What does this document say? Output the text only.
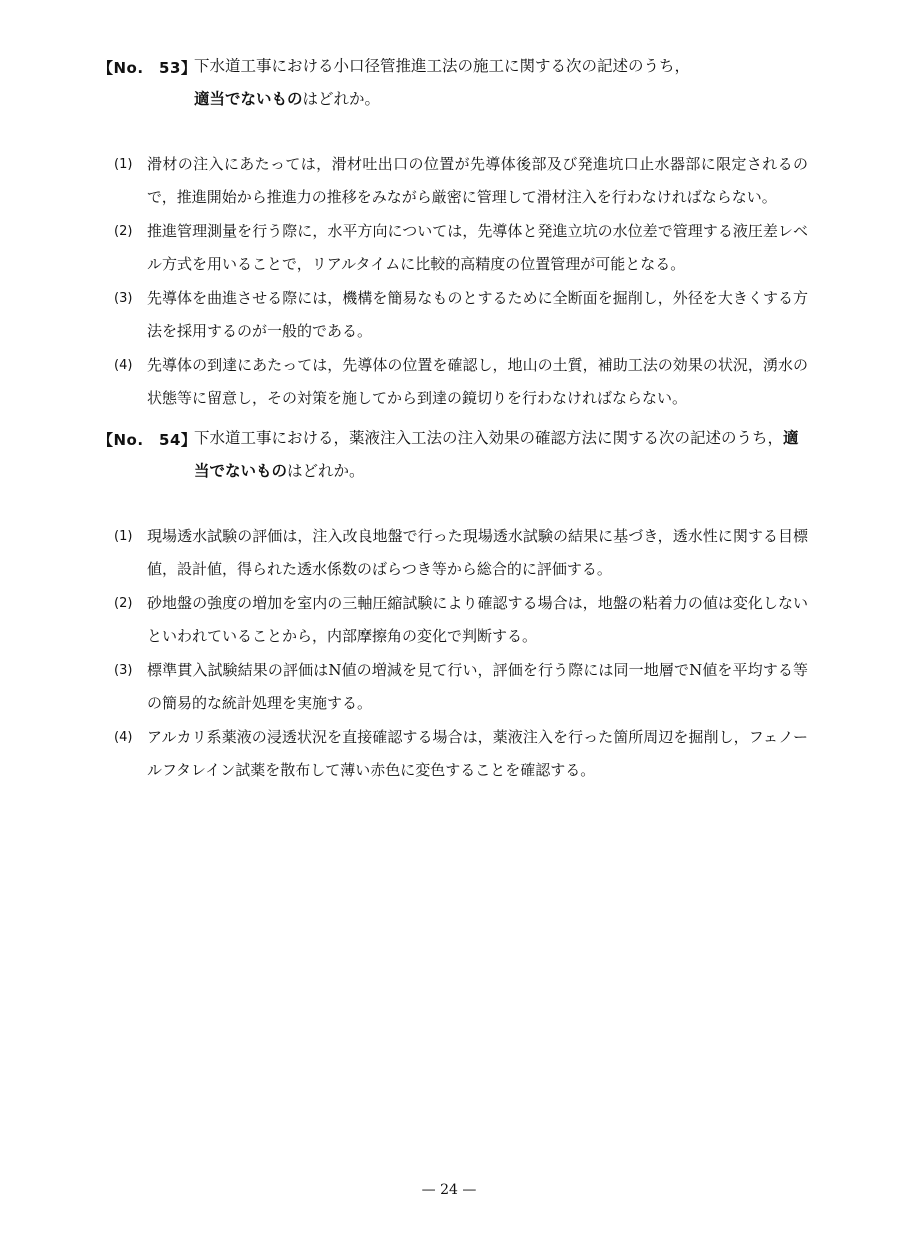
【No.　53】
下水道工事における小口径管推進工法の施工に関する次の記述のうち，
適当でないものはどれか。
(1) 滑材の注入にあたっては，滑材吐出口の位置が先導体後部及び発進坑口止水器部に限定されるので，推進開始から推進力の推移をみながら厳密に管理して滑材注入を行わなければならない。
(2) 推進管理測量を行う際に，水平方向については，先導体と発進立坑の水位差で管理する液圧差レベル方式を用いることで，リアルタイムに比較的高精度の位置管理が可能となる。
(3) 先導体を曲進させる際には，機構を簡易なものとするために全断面を掘削し，外径を大きくする方法を採用するのが一般的である。
(4) 先導体の到達にあたっては，先導体の位置を確認し，地山の土質，補助工法の効果の状況，湧水の状態等に留意し，その対策を施してから到達の鏡切りを行わなければならない。
【No.　54】
下水道工事における，薬液注入工法の注入効果の確認方法に関する次の記述のうち，適当でないものはどれか。
(1) 現場透水試験の評価は，注入改良地盤で行った現場透水試験の結果に基づき，透水性に関する目標値，設計値，得られた透水係数のばらつき等から総合的に評価する。
(2) 砂地盤の強度の増加を室内の三軸圧縮試験により確認する場合は，地盤の粘着力の値は変化しないといわれていることから，内部摩擦角の変化で判断する。
(3) 標準貫入試験結果の評価はN値の増減を見て行い，評価を行う際には同一地層でN値を平均する等の簡易的な統計処理を実施する。
(4) アルカリ系薬液の浸透状況を直接確認する場合は，薬液注入を行った箇所周辺を掘削し，フェノールフタレイン試薬を散布して薄い赤色に変色することを確認する。
— 24 —
